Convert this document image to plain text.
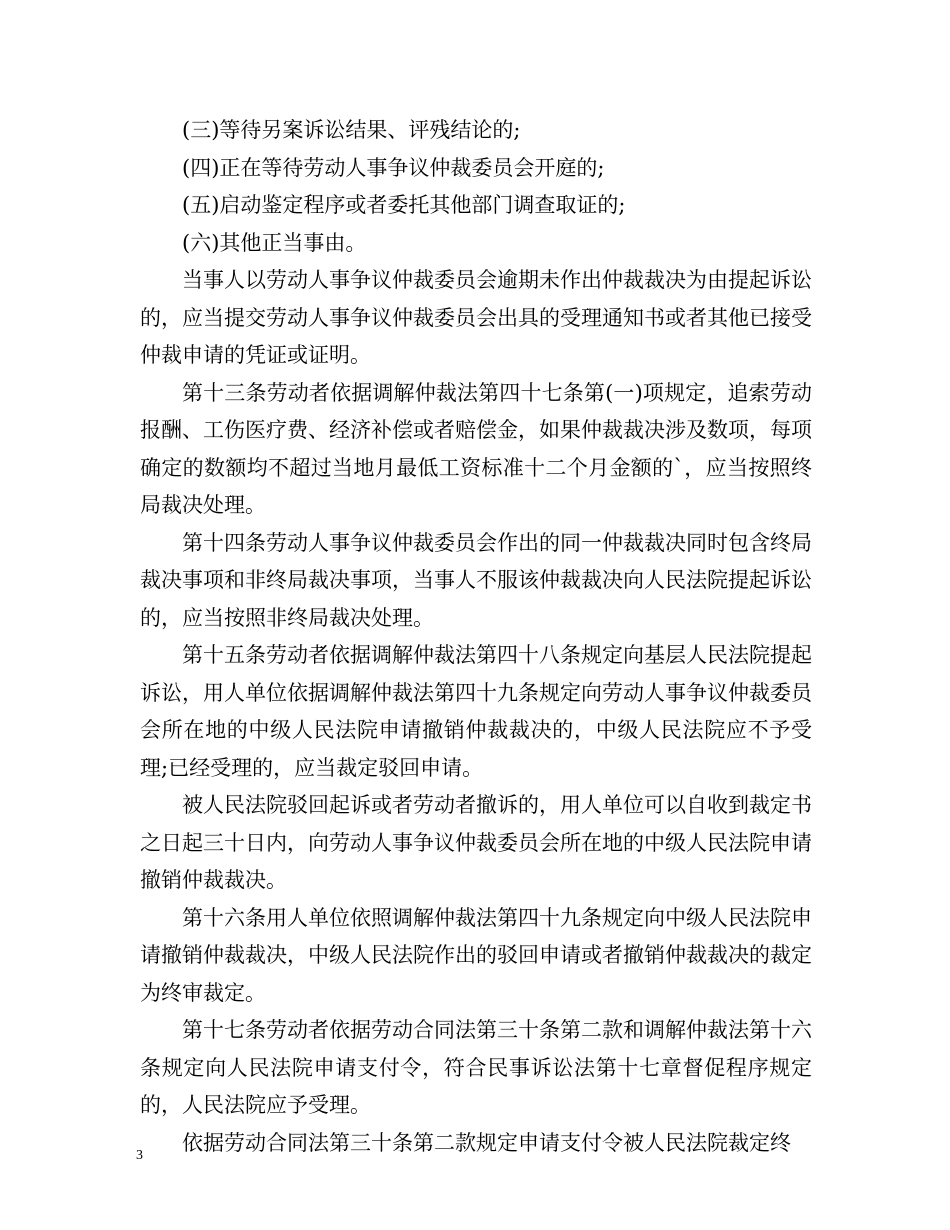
(三)等待另案诉讼结果、评残结论的;

(四)正在等待劳动人事争议仲裁委员会开庭的;

(五)启动鉴定程序或者委托其他部门调查取证的;

(六)其他正当事由。

当事人以劳动人事争议仲裁委员会逾期未作出仲裁裁决为由提起诉讼的，应当提交劳动人事争议仲裁委员会出具的受理通知书或者其他已接受仲裁申请的凭证或证明。

第十三条劳动者依据调解仲裁法第四十七条第(一)项规定，追索劳动报酬、工伤医疗费、经济补偿或者赔偿金，如果仲裁裁决涉及数项，每项确定的数额均不超过当地月最低工资标准十二个月金额的`，应当按照终局裁决处理。

第十四条劳动人事争议仲裁委员会作出的同一仲裁裁决同时包含终局裁决事项和非终局裁决事项，当事人不服该仲裁裁决向人民法院提起诉讼的，应当按照非终局裁决处理。

第十五条劳动者依据调解仲裁法第四十八条规定向基层人民法院提起诉讼，用人单位依据调解仲裁法第四十九条规定向劳动人事争议仲裁委员会所在地的中级人民法院申请撤销仲裁裁决的，中级人民法院应不予受理;已经受理的，应当裁定驳回申请。

被人民法院驳回起诉或者劳动者撤诉的，用人单位可以自收到裁定书之日起三十日内，向劳动人事争议仲裁委员会所在地的中级人民法院申请撤销仲裁裁决。

第十六条用人单位依照调解仲裁法第四十九条规定向中级人民法院申请撤销仲裁裁决，中级人民法院作出的驳回申请或者撤销仲裁裁决的裁定为终审裁定。

第十七条劳动者依据劳动合同法第三十条第二款和调解仲裁法第十六条规定向人民法院申请支付令，符合民事诉讼法第十七章督促程序规定的，人民法院应予受理。

依据劳动合同法第三十条第二款规定申请支付令被人民法院裁定终

3
